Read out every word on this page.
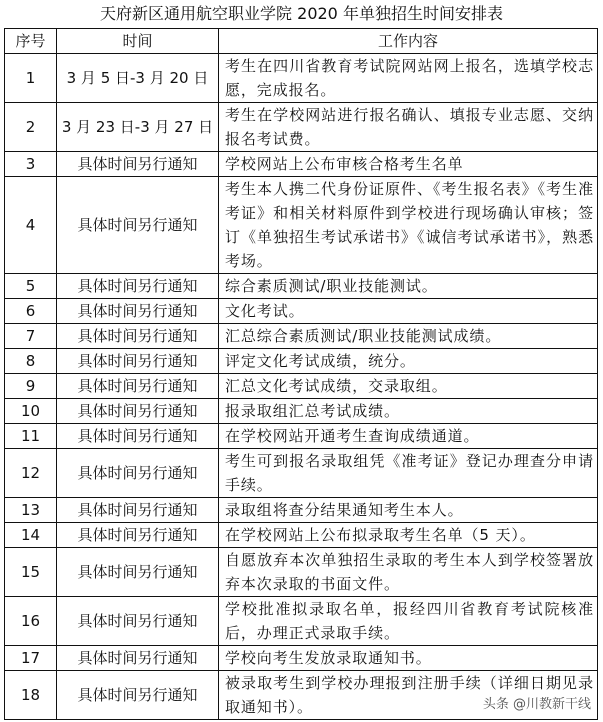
天府新区通用航空职业学院 2020 年单独招生时间安排表
序号	时间	工作内容
1	3 月 5 日-3 月 20 日	考生在四川省教育考试院网站网上报名，选填学校志愿，完成报名。
2	3 月 23 日-3 月 27 日	考生在学校网站进行报名确认、填报专业志愿、交纳报名考试费。
3	具体时间另行通知	学校网站上公布审核合格考生名单
4	具体时间另行通知	考生本人携二代身份证原件、《考生报名表》《考生准考证》和相关材料原件到学校进行现场确认审核；签订《单独招生考试承诺书》《诚信考试承诺书》，熟悉考场。
5	具体时间另行通知	综合素质测试/职业技能测试。
6	具体时间另行通知	文化考试。
7	具体时间另行通知	汇总综合素质测试/职业技能测试成绩。
8	具体时间另行通知	评定文化考试成绩，统分。
9	具体时间另行通知	汇总文化考试成绩，交录取组。
10	具体时间另行通知	报录取组汇总考试成绩。
11	具体时间另行通知	在学校网站开通考生查询成绩通道。
12	具体时间另行通知	考生可到报名录取组凭《准考证》登记办理查分申请手续。
13	具体时间另行通知	录取组将查分结果通知考生本人。
14	具体时间另行通知	在学校网站上公布拟录取考生名单（5 天）。
15	具体时间另行通知	自愿放弃本次单独招生录取的考生本人到学校签署放弃本次录取的书面文件。
16	具体时间另行通知	学校批准拟录取名单，报经四川省教育考试院核准后，办理正式录取手续。
17	具体时间另行通知	学校向考生发放录取通知书。
18	具体时间另行通知	被录取考生到学校办理报到注册手续（详细日期见录取通知书）。	头条 @川教新干线
